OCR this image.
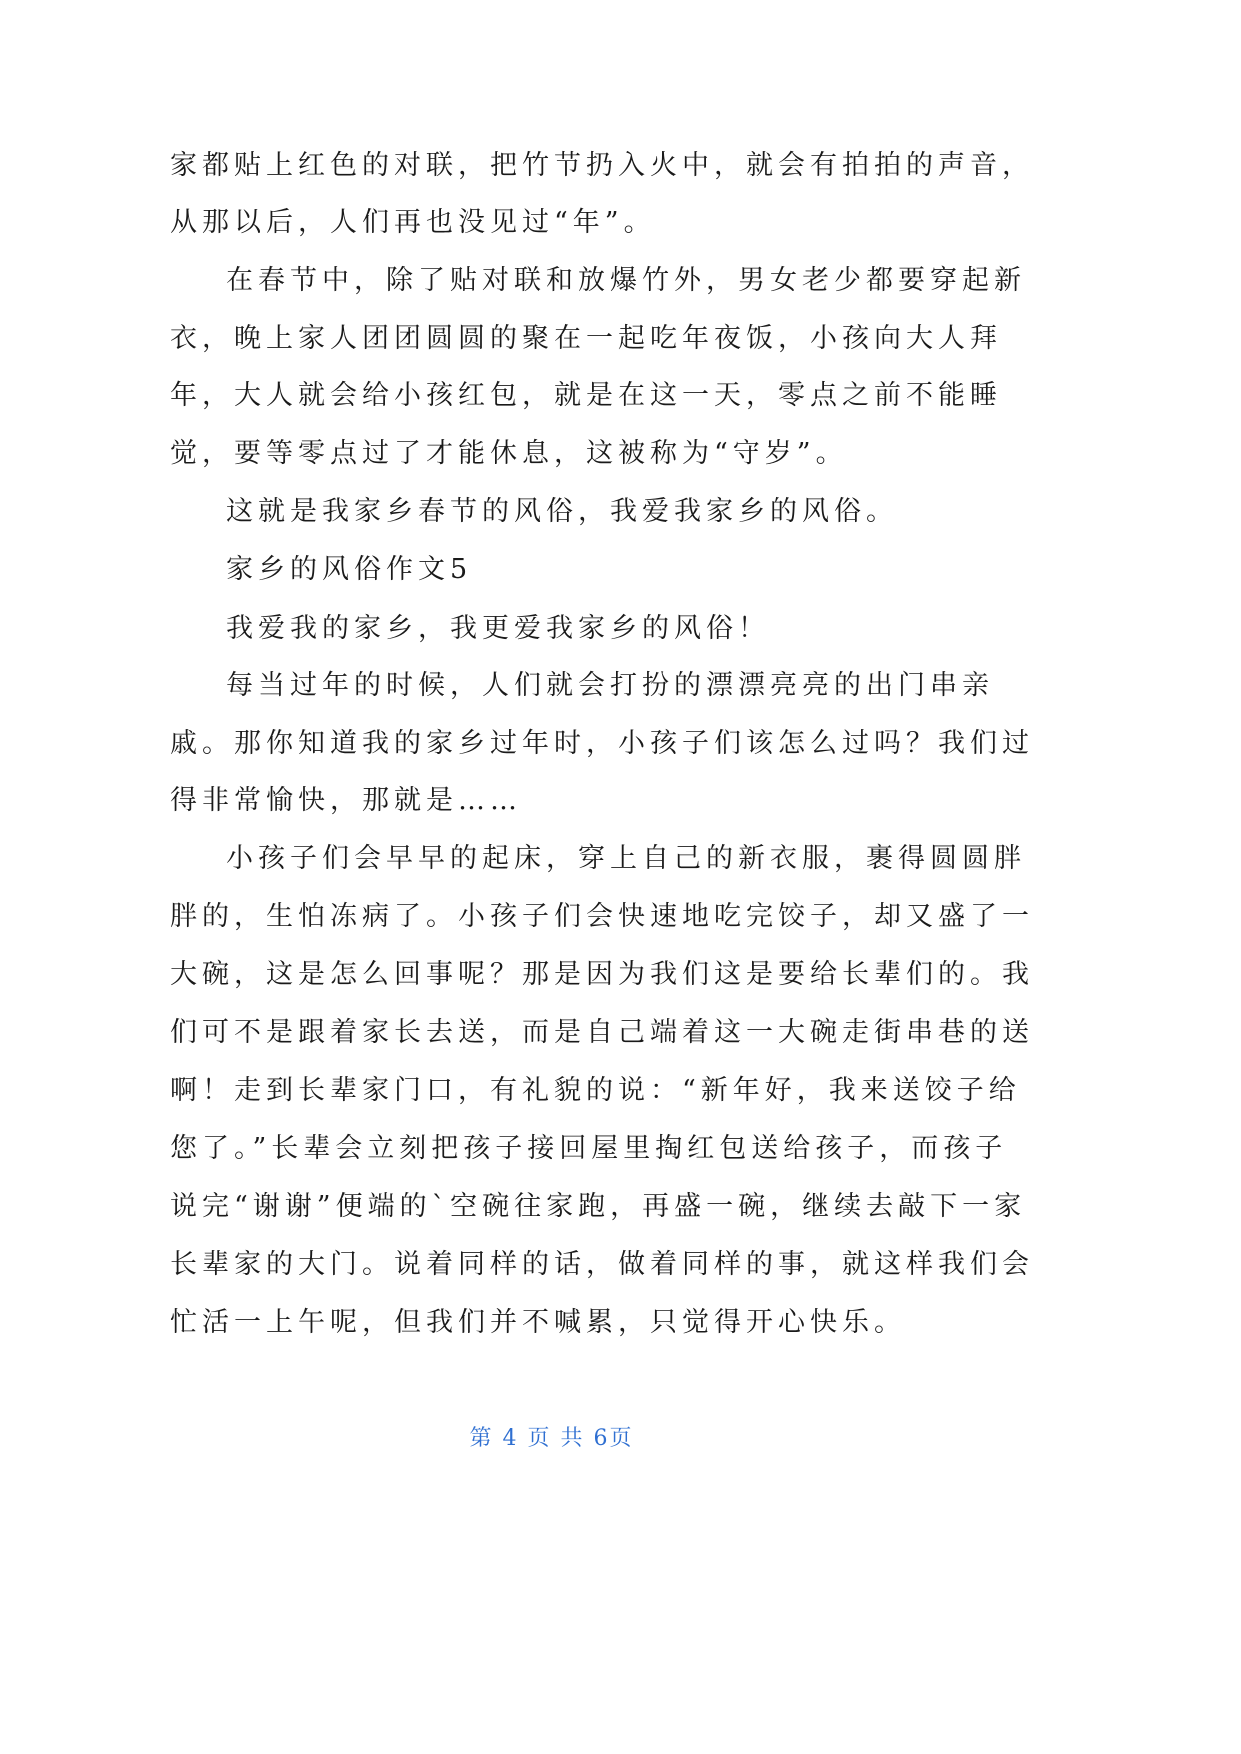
家都贴上红色的对联，把竹节扔入火中，就会有拍拍的声音，
从那以后，人们再也没见过“年”。
在春节中，除了贴对联和放爆竹外，男女老少都要穿起新
衣，晚上家人团团圆圆的聚在一起吃年夜饭，小孩向大人拜
年，大人就会给小孩红包，就是在这一天，零点之前不能睡
觉，要等零点过了才能休息，这被称为“守岁”。
这就是我家乡春节的风俗，我爱我家乡的风俗。
家乡的风俗作文5
我爱我的家乡，我更爱我家乡的风俗！
每当过年的时候，人们就会打扮的漂漂亮亮的出门串亲
戚。那你知道我的家乡过年时，小孩子们该怎么过吗？我们过
得非常愉快，那就是……
小孩子们会早早的起床，穿上自己的新衣服，裹得圆圆胖
胖的，生怕冻病了。小孩子们会快速地吃完饺子，却又盛了一
大碗，这是怎么回事呢？那是因为我们这是要给长辈们的。我
们可不是跟着家长去送，而是自己端着这一大碗走街串巷的送
啊！走到长辈家门口，有礼貌的说：“新年好，我来送饺子给
您了。”长辈会立刻把孩子接回屋里掏红包送给孩子，而孩子
说完“谢谢”便端的`空碗往家跑，再盛一碗，继续去敲下一家
长辈家的大门。说着同样的话，做着同样的事，就这样我们会
忙活一上午呢，但我们并不喊累，只觉得开心快乐。
第 4 页 共 6页
